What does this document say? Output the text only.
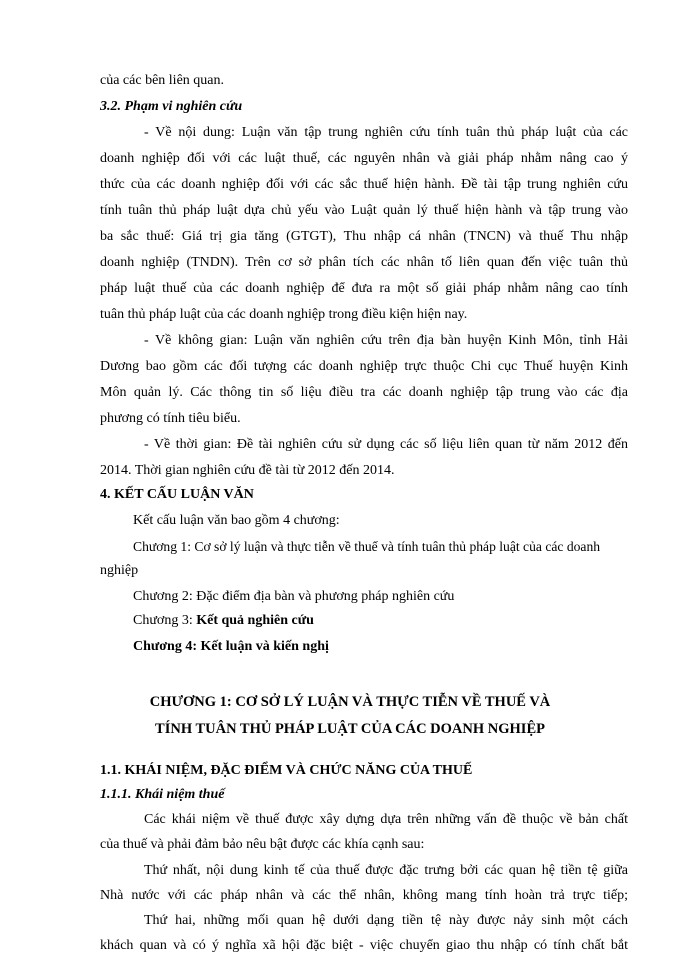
của các bên liên quan.
3.2. Phạm vi nghiên cứu
- Về nội dung: Luận văn tập trung nghiên cứu tính tuân thủ pháp luật của các
doanh nghiệp đối với các luật thuế, các nguyên nhân và giải pháp nhằm nâng cao ý
thức của các doanh nghiệp đối với các sắc thuế hiện hành. Đề tài tập trung nghiên cứu
tính tuân thủ pháp luật dựa chủ yếu vào Luật quản lý thuế hiện hành và tập trung vào
ba sắc thuế: Giá trị gia tăng (GTGT), Thu nhập cá nhân (TNCN) và thuế Thu nhập
doanh nghiệp (TNDN). Trên cơ sở phân tích các nhân tố liên quan đến việc tuân thủ
pháp luật thuế của các doanh nghiệp để đưa ra một số giải pháp nhằm nâng cao tính
tuân thủ pháp luật của các doanh nghiệp trong điều kiện hiện nay.
- Về không gian: Luận văn nghiên cứu trên địa bàn huyện Kinh Môn, tỉnh Hải
Dương bao gồm các đối tượng các doanh nghiệp trực thuộc Chi cục Thuế huyện Kinh
Môn quản lý. Các thông tin số liệu điều tra các doanh nghiệp tập trung vào các địa
phương có tính tiêu biểu.
- Về thời gian: Đề tài nghiên cứu sử dụng các số liệu liên quan từ năm 2012 đến
2014. Thời gian nghiên cứu đề tài từ 2012 đến 2014.
4. KẾT CẤU LUẬN VĂN
Kết cấu luận văn bao gồm 4 chương:
Chương 1: Cơ sở lý luận và thực tiễn về thuế và tính tuân thủ pháp luật của các doanh
nghiệp
Chương 2: Đặc điểm địa bàn và phương pháp nghiên cứu
Chương 3: Kết quả nghiên cứu
Chương 4: Kết luận và kiến nghị
CHƯƠNG 1: CƠ SỞ LÝ LUẬN VÀ THỰC TIỄN VỀ THUẾ VÀ
TÍNH TUÂN THỦ PHÁP LUẬT CỦA CÁC DOANH NGHIỆP
1.1. KHÁI NIỆM, ĐẶC ĐIỂM VÀ CHỨC NĂNG CỦA THUẾ
1.1.1. Khái niệm thuế
Các khái niệm về thuế được xây dựng dựa trên những vấn đề thuộc về bản chất
của thuế và phải đảm bảo nêu bật được các khía cạnh sau:
Thứ nhất, nội dung kinh tế của thuế được đặc trưng bởi các quan hệ tiền tệ giữa
Nhà nước với các pháp nhân và các thể nhân, không mang tính hoàn trả trực tiếp;
Thứ hai, những mối quan hệ dưới dạng tiền tệ này được nảy sinh một cách
khách quan và có ý nghĩa xã hội đặc biệt - việc chuyển giao thu nhập có tính chất bắt
